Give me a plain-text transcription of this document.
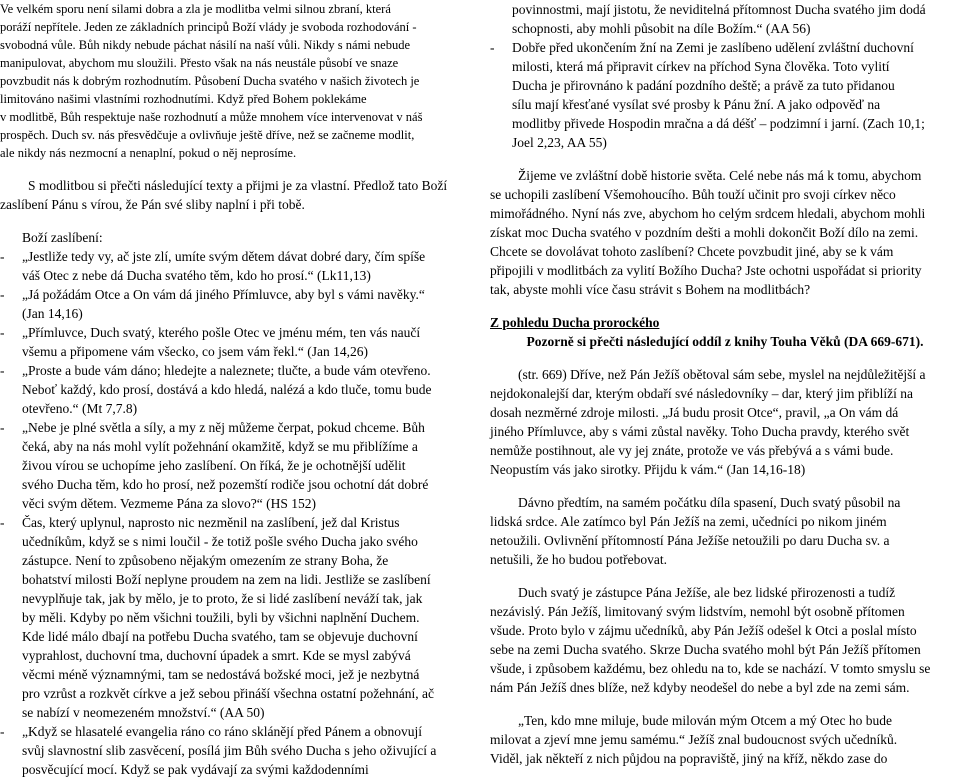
Ve velkém sporu není silami dobra a zla je modlitba velmi silnou zbraní, která

poráží nepřítele. Jeden ze základních principů Boží vlády je svoboda rozhodování -

svobodná vůle. Bůh nikdy nebude páchat násilí na naší vůli. Nikdy s námi nebude

manipulovat, abychom mu sloužili. Přesto však na nás neustále působí ve snaze

povzbudit nás k dobrým rozhodnutím. Působení Ducha svatého v našich životech je

limitováno našimi vlastními rozhodnutími. Když před Bohem poklekáme

v modlitbě, Bůh respektuje naše rozhodnutí a může mnohem více intervenovat v náš

prospěch. Duch sv. nás přesvědčuje a ovlivňuje ještě dříve, než se začneme modlit,

ale nikdy nás nezmocní a nenaplní, pokud o něj neprosíme.

S modlitbou si přečti následující texty a přijmi je za vlastní. Předlož tato Boží

zaslíbení Pánu s vírou, že Pán své sliby naplní i při tobě.

Boží zaslíbení:

-	„Jestliže tedy vy, ač jste zlí, umíte svým dětem dávat dobré dary, čím spíše

váš Otec z nebe dá Ducha svatého těm, kdo ho prosí.“ (Lk11,13)

-	„Já požádám Otce a On vám dá jiného Přímluvce, aby byl s vámi navěky.“

(Jan 14,16)

-	„Přímluvce, Duch svatý, kterého pošle Otec ve jménu mém, ten vás naučí

všemu a připomene vám všecko, co jsem vám řekl.“ (Jan 14,26)

-	„Proste a bude vám dáno; hledejte a naleznete; tlučte, a bude vám otevřeno.

Neboť každý, kdo prosí, dostává a kdo hledá, nalézá a kdo tluče, tomu bude

otevřeno.“ (Mt 7,7.8)

-	„Nebe je plné světla a síly, a my z něj můžeme čerpat, pokud chceme. Bůh

čeká, aby na nás mohl vylít požehnání okamžitě, když se mu přiblížíme a

živou vírou se uchopíme jeho zaslíbení. On říká, že je ochotnější udělit

svého Ducha těm, kdo ho prosí, než pozemští rodiče jsou ochotní dát dobré

věci svým dětem. Vezmeme Pána za slovo?“ (HS 152)

-	Čas, který uplynul, naprosto nic nezměnil na zaslíbení, jež dal Kristus

učedníkům, když se s nimi loučil - že totiž pošle svého Ducha jako svého

zástupce. Není to způsobeno nějakým omezením ze strany Boha, že

bohatství milosti Boží neplyne proudem na zem na lidi. Jestliže se zaslíbení

nevyplňuje tak, jak by mělo, je to proto, že si lidé zaslíbení neváží tak, jak

by měli. Kdyby po něm všichni toužili, byli by všichni naplnění Duchem.

Kde lidé málo dbají na potřebu Ducha svatého, tam se objevuje duchovní

vyprahlost, duchovní tma, duchovní úpadek a smrt. Kde se mysl zabývá

věcmi méně významnými, tam se nedostává božské moci, jež je nezbytná

pro vzrůst a rozkvět církve a jež sebou přináší všechna ostatní požehnání, ač

se nabízí v neomezeném množství.“ (AA 50)

-	„Když se hlasatelé evangelia ráno co ráno sklánějí před Pánem a obnovují

svůj slavnostní slib zasvěcení, posílá jim Bůh svého Ducha s jeho oživující a

posvěcující mocí. Když se pak vydávají za svými každodenními

povinnostmi, mají jistotu, že neviditelná přítomnost Ducha svatého jim dodá

schopnosti, aby mohli působit na díle Božím.“ (AA 56)

-	Dobře před ukončením žní na Zemi je zaslíbeno udělení zvláštní duchovní

milosti, která má připravit církev na příchod Syna člověka. Toto vylití

Ducha je přirovnáno k padání pozdního deště; a právě za tuto přidanou

sílu mají křesťané vysílat své prosby k Pánu žní. A jako odpověď na

modlitby přivede Hospodin mračna a dá déšť – podzimní i jarní. (Zach 10,1;

Joel 2,23, AA 55)

Žijeme ve zvláštní době historie světa. Celé nebe nás má k tomu, abychom

se uchopili zaslíbení Všemohoucího. Bůh touží učinit pro svoji církev něco

mimořádného. Nyní nás zve, abychom ho celým srdcem hledali, abychom mohli

získat moc Ducha svatého v pozdním dešti a mohli dokončit Boží dílo na zemi.

Chcete se dovolávat tohoto zaslíbení? Chcete povzbudit jiné, aby se k vám

připojili v modlitbách za vylití Božího Ducha? Jste ochotni uspořádat si priority

tak, abyste mohli více času strávit s Bohem na modlitbách?

Z pohledu Ducha prorockého

Pozorně si přečti následující oddíl z knihy Touha Věků (DA 669-671).

(str. 669) Dříve, než Pán Ježíš obětoval sám sebe, myslel na nejdůležitější a

nejdokonalejší dar, kterým obdaří své následovníky – dar, který jim přiblíží na

dosah nezměrné zdroje milosti. „Já budu prosit Otce“, pravil, „a On vám dá

jiného Přímluvce, aby s vámi zůstal navěky. Toho Ducha pravdy, kterého svět

nemůže postihnout, ale vy jej znáte, protože ve vás přebývá a s vámi bude.

Neopustím vás jako sirotky. Přijdu k vám.“ (Jan 14,16-18)

Dávno předtím, na samém počátku díla spasení, Duch svatý působil na

lidská srdce. Ale zatímco byl Pán Ježíš na zemi, učedníci po nikom jiném

netoužili. Ovlivnění přítomností Pána Ježíše netoužili po daru Ducha sv. a

netušili, že ho budou potřebovat.

Duch svatý je zástupce Pána Ježíše, ale bez lidské přirozenosti a tudíž

nezávislý. Pán Ježíš, limitovaný svým lidstvím, nemohl být osobně přítomen

všude. Proto bylo v zájmu učedníků, aby Pán Ježíš odešel k Otci a poslal místo

sebe na zemi Ducha svatého. Skrze Ducha svatého mohl být Pán Ježíš přítomen

všude, i způsobem každému, bez ohledu na to, kde se nachází. V tomto smyslu se

nám Pán Ježíš dnes blíže, než kdyby neodešel do nebe a byl zde na zemi sám.

„Ten, kdo mne miluje, bude milován mým Otcem a mý Otec ho bude

milovat a zjeví mne jemu samému.“ Ježíš znal budoucnost svých učedníků.

Viděl, jak někteří z nich půjdou na popraviště, jiný na kříž, někdo zase do
